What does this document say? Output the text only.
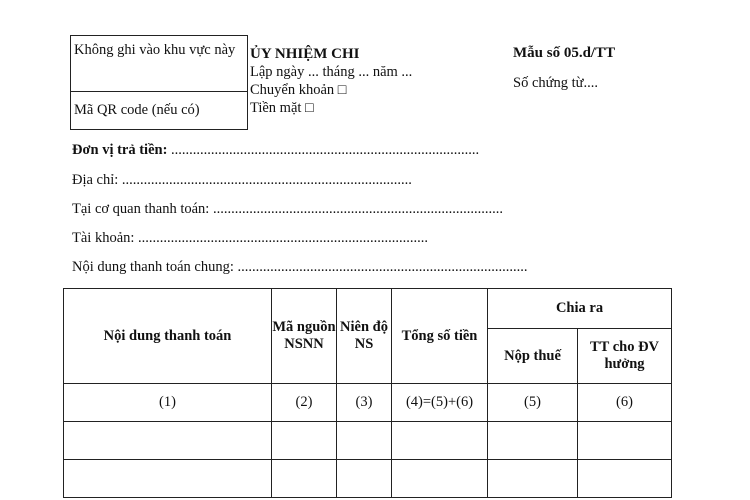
Không ghi vào khu vực này
Mã QR code (nếu có)
ỦY NHIỆM CHI
Lập ngày ... tháng ... năm ...
Chuyển khoản □
Tiền mặt □
Mẫu số 05.d/TT
Số chứng từ....
Đơn vị trả tiền: .....................................................................................
Địa chỉ: ................................................................................
Tại cơ quan thanh toán: ................................................................................
Tài khoản: ................................................................................
Nội dung thanh toán chung: ................................................................................
Nội dung thanh toán	Mã nguồn NSNN	Niên độ NS	Tổng số tiền	Chia ra	
				Nộp thuế	TT cho ĐV hưởng
(1)	(2)	(3)	(4)=(5)+(6)	(5)	(6)
